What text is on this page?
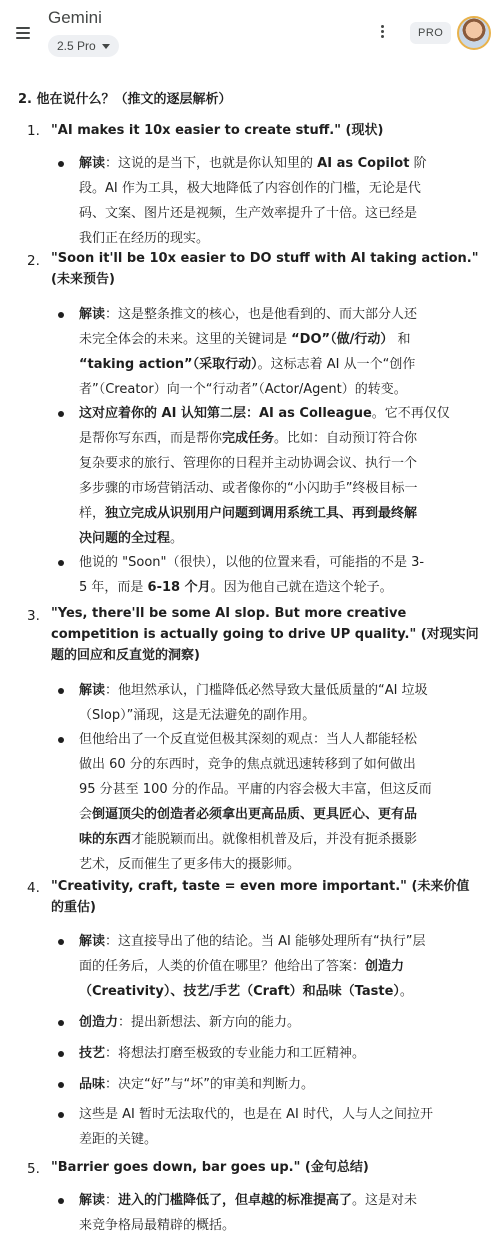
Gemini
2.5 Pro
PRO
2. 他在说什么？（推文的逐层解析）
1. "AI makes it 10x easier to create stuff." (现状)
解读：这说的是当下，也就是你认知里的 AI as Copilot 阶
段。AI 作为工具，极大地降低了内容创作的门槛，无论是代
码、文案、图片还是视频，生产效率提升了十倍。这已经是
我们正在经历的现实。
2. "Soon it'll be 10x easier to DO stuff with AI taking action." (未来预告)
解读：这是整条推文的核心，也是他看到的、而大部分人还
未完全体会的未来。这里的关键词是 “DO”（做/行动） 和
“taking action”（采取行动）。这标志着 AI 从一个“创作
者”（Creator）向一个“行动者”（Actor/Agent）的转变。
这对应着你的 AI 认知第二层：AI as Colleague。它不再仅仅
是帮你写东西，而是帮你完成任务。比如：自动预订符合你
复杂要求的旅行、管理你的日程并主动协调会议、执行一个
多步骤的市场营销活动、或者像你的“小闪助手”终极目标一
样，独立完成从识别用户问题到调用系统工具、再到最终解
决问题的全过程。
他说的 "Soon"（很快），以他的位置来看，可能指的不是 3-
5 年，而是 6-18 个月。因为他自己就在造这个轮子。
3. "Yes, there'll be some AI slop. But more creative competition is actually going to drive UP quality." (对现实问题的回应和反直觉的洞察)
解读：他坦然承认，门槛降低必然导致大量低质量的“AI 垃圾
（Slop）”涌现，这是无法避免的副作用。
但他给出了一个反直觉但极其深刻的观点：当人人都能轻松
做出 60 分的东西时，竞争的焦点就迅速转移到了如何做出
95 分甚至 100 分的作品。平庸的内容会极大丰富，但这反而
会倒逼顶尖的创造者必须拿出更高品质、更具匠心、更有品
味的东西才能脱颖而出。就像相机普及后，并没有扼杀摄影
艺术，反而催生了更多伟大的摄影师。
4. "Creativity, craft, taste = even more important." (未来价值的重估)
解读：这直接导出了他的结论。当 AI 能够处理所有“执行”层
面的任务后，人类的价值在哪里？他给出了答案：创造力
（Creativity）、技艺/手艺（Craft）和品味（Taste）。
创造力：提出新想法、新方向的能力。
技艺：将想法打磨至极致的专业能力和工匠精神。
品味：决定“好”与“坏”的审美和判断力。
这些是 AI 暂时无法取代的，也是在 AI 时代，人与人之间拉开
差距的关键。
5. "Barrier goes down, bar goes up." (金句总结)
解读：进入的门槛降低了，但卓越的标准提高了。这是对未
来竞争格局最精辟的概括。
